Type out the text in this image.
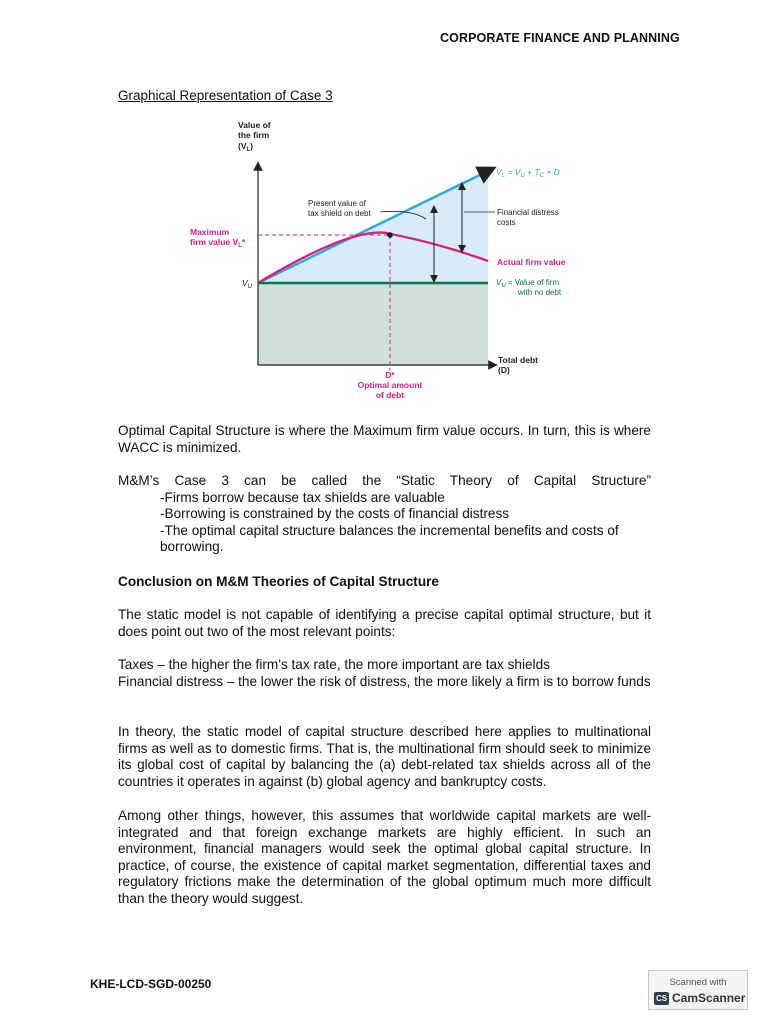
CORPORATE FINANCE AND PLANNING
Graphical Representation of Case 3
Value of
the firm
$(V_L)$
$V_L = V_U + T_C \times D$
Present value of
tax shield on debt	Financial distress
costs
Actual firm value
$V_U$ = Value of firm
with no debt
Maximum
firm value $V_L*$
$V_U$
Total debt
(D)
D*
Optimal amount
of debt

Optimal Capital Structure is where the Maximum firm value occurs. In turn, this is where WACC is minimized.

M&M’s Case 3 can be called the “Static Theory of Capital Structure”

-Firms borrow because tax shields are valuable

-Borrowing is constrained by the costs of financial distress

-The optimal capital structure balances the incremental benefits and costs of borrowing.

Conclusion on M&M Theories of Capital Structure

The static model is not capable of identifying a precise capital optimal structure, but it does point out two of the most relevant points:

Taxes – the higher the firm’s tax rate, the more important are tax shields

Financial distress – the lower the risk of distress, the more likely a firm is to borrow funds

In theory, the static model of capital structure described here applies to multinational firms as well as to domestic firms. That is, the multinational firm should seek to minimize its global cost of capital by balancing the (a) debt-related tax shields across all of the countries it operates in against (b) global agency and bankruptcy costs.

Among other things, however, this assumes that worldwide capital markets are well-integrated and that foreign exchange markets are highly efficient. In such an environment, financial managers would seek the optimal global capital structure. In practice, of course, the existence of capital market segmentation, differential taxes and regulatory frictions make the determination of the global optimum much more difficult than the theory would suggest.

KHE-LCD-SGD-00250	Scanned with
CS CamScanner
